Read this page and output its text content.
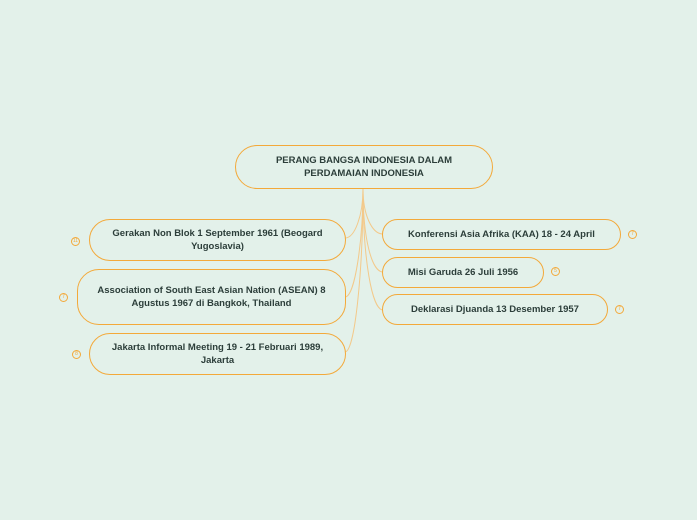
PERANG BANGSA INDONESIA DALAM PERDAMAIAN INDONESIA
Gerakan Non Blok 1 September 1961 (Beogard Yugoslavia)
11
Association of South East Asian Nation (ASEAN) 8 Agustus 1967 di Bangkok, Thailand
7
Jakarta Informal Meeting 19 - 21 Februari 1989, Jakarta
8
Konferensi Asia Afrika (KAA) 18 - 24 April	7
Misi Garuda 26 Juli 1956	5
Deklarasi Djuanda 13 Desember 1957	7
